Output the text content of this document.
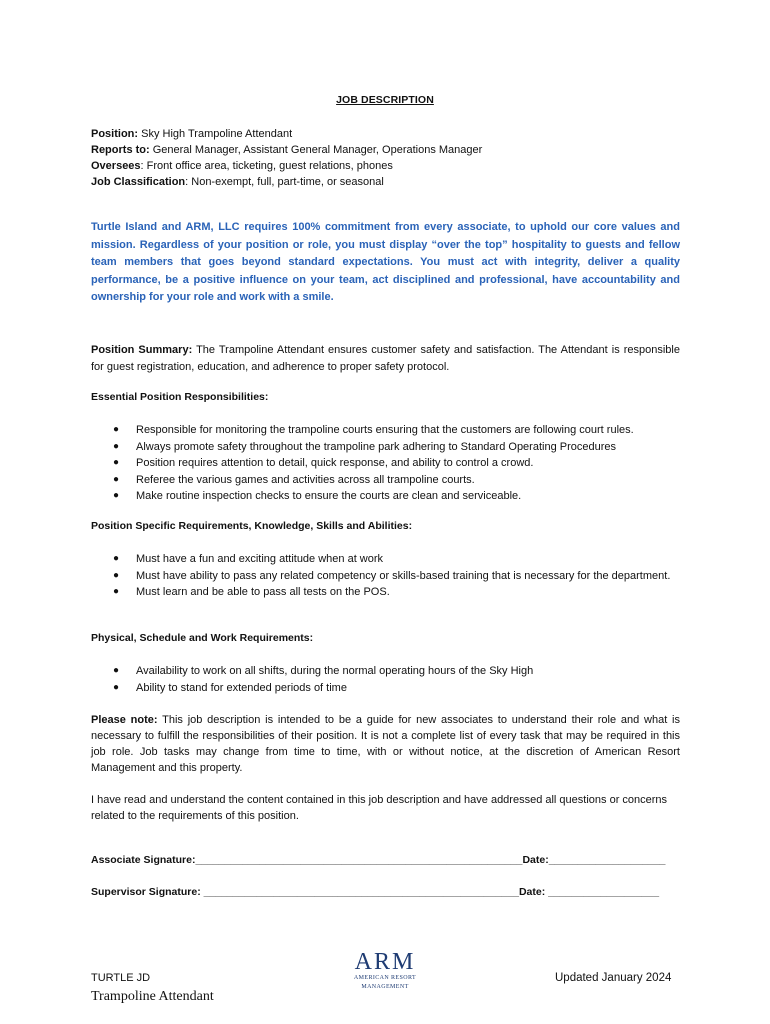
JOB DESCRIPTION
Position: Sky High Trampoline Attendant
Reports to: General Manager, Assistant General Manager, Operations Manager
Oversees: Front office area, ticketing, guest relations, phones
Job Classification: Non-exempt, full, part-time, or seasonal
Turtle Island and ARM, LLC requires 100% commitment from every associate, to uphold our core values and mission. Regardless of your position or role, you must display “over the top” hospitality to guests and fellow team members that goes beyond standard expectations. You must act with integrity, deliver a quality performance, be a positive influence on your team, act disciplined and professional, have accountability and ownership for your role and work with a smile.
Position Summary: The Trampoline Attendant ensures customer safety and satisfaction. The Attendant is responsible for guest registration, education, and adherence to proper safety protocol.
Essential Position Responsibilities:
● Responsible for monitoring the trampoline courts ensuring that the customers are following court rules.
● Always promote safety throughout the trampoline park adhering to Standard Operating Procedures
● Position requires attention to detail, quick response, and ability to control a crowd.
● Referee the various games and activities across all trampoline courts.
● Make routine inspection checks to ensure the courts are clean and serviceable.
Position Specific Requirements, Knowledge, Skills and Abilities:
● Must have a fun and exciting attitude when at work
● Must have ability to pass any related competency or skills-based training that is necessary for the department.
● Must learn and be able to pass all tests on the POS.
Physical, Schedule and Work Requirements:
● Availability to work on all shifts, during the normal operating hours of the Sky High
● Ability to stand for extended periods of time
Please note: This job description is intended to be a guide for new associates to understand their role and what is necessary to fulfill the responsibilities of their position. It is not a complete list of every task that may be required in this job role. Job tasks may change from time to time, with or without notice, at the discretion of American Resort Management and this property.
I have read and understand the content contained in this job description and have addressed all questions or concerns related to the requirements of this position.
Associate Signature:________________________________________________________Date:____________________
Supervisor Signature: ______________________________________________________Date: ___________________
ARM
AMERICAN RESORT MANAGEMENT
TURTLE JD
Trampoline Attendant
Updated January 2024
